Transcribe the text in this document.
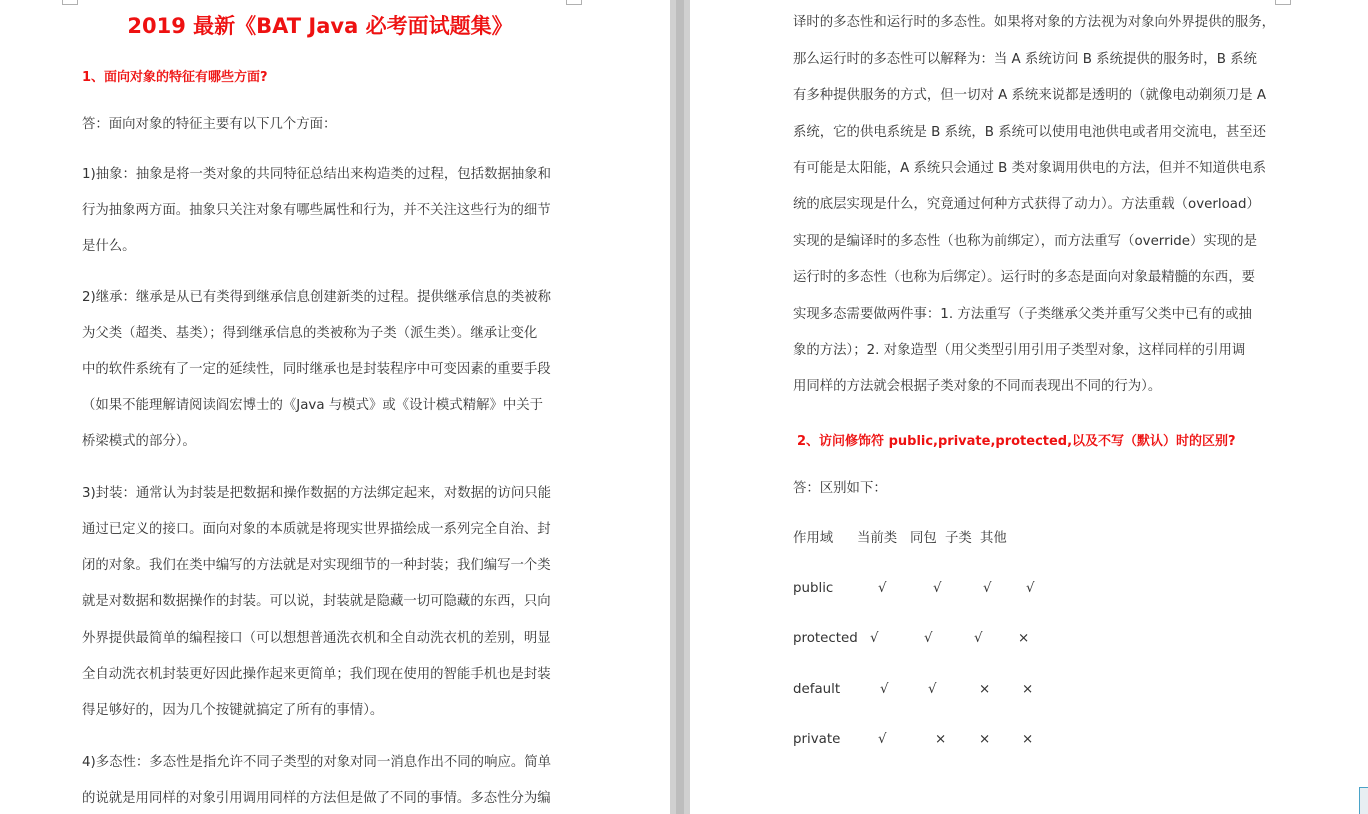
2019 最新《BAT Java 必考面试题集》

1、面向对象的特征有哪些方面?

答：面向对象的特征主要有以下几个方面：

1)抽象：抽象是将一类对象的共同特征总结出来构造类的过程，包括数据抽象和

行为抽象两方面。抽象只关注对象有哪些属性和行为，并不关注这些行为的细节

是什么。

2)继承：继承是从已有类得到继承信息创建新类的过程。提供继承信息的类被称

为父类（超类、基类）；得到继承信息的类被称为子类（派生类）。继承让变化

中的软件系统有了一定的延续性，同时继承也是封装程序中可变因素的重要手段

（如果不能理解请阅读阎宏博士的《Java 与模式》或《设计模式精解》中关于

桥梁模式的部分）。

3)封装：通常认为封装是把数据和操作数据的方法绑定起来，对数据的访问只能

通过已定义的接口。面向对象的本质就是将现实世界描绘成一系列完全自治、封

闭的对象。我们在类中编写的方法就是对实现细节的一种封装；我们编写一个类

就是对数据和数据操作的封装。可以说，封装就是隐藏一切可隐藏的东西，只向

外界提供最简单的编程接口（可以想想普通洗衣机和全自动洗衣机的差别，明显

全自动洗衣机封装更好因此操作起来更简单；我们现在使用的智能手机也是封装

得足够好的，因为几个按键就搞定了所有的事情）。

4)多态性：多态性是指允许不同子类型的对象对同一消息作出不同的响应。简单

的说就是用同样的对象引用调用同样的方法但是做了不同的事情。多态性分为编

译时的多态性和运行时的多态性。如果将对象的方法视为对象向外界提供的服务，

那么运行时的多态性可以解释为：当 A 系统访问 B 系统提供的服务时，B 系统

有多种提供服务的方式，但一切对 A 系统来说都是透明的（就像电动剃须刀是 A

系统，它的供电系统是 B 系统，B 系统可以使用电池供电或者用交流电，甚至还

有可能是太阳能，A 系统只会通过 B 类对象调用供电的方法，但并不知道供电系

统的底层实现是什么，究竟通过何种方式获得了动力）。方法重载（overload）

实现的是编译时的多态性（也称为前绑定），而方法重写（override）实现的是

运行时的多态性（也称为后绑定）。运行时的多态是面向对象最精髓的东西，要

实现多态需要做两件事：1. 方法重写（子类继承父类并重写父类中已有的或抽

象的方法）；2. 对象造型（用父类型引用引用子类型对象，这样同样的引用调

用同样的方法就会根据子类对象的不同而表现出不同的行为）。

2、访问修饰符 public,private,protected,以及不写（默认）时的区别?

答：区别如下：

作用域 当前类 同包 子类 其他
public	√	√	√	√
protected √	√	√	×
default	√	√	× ×
private	√	× × ×
